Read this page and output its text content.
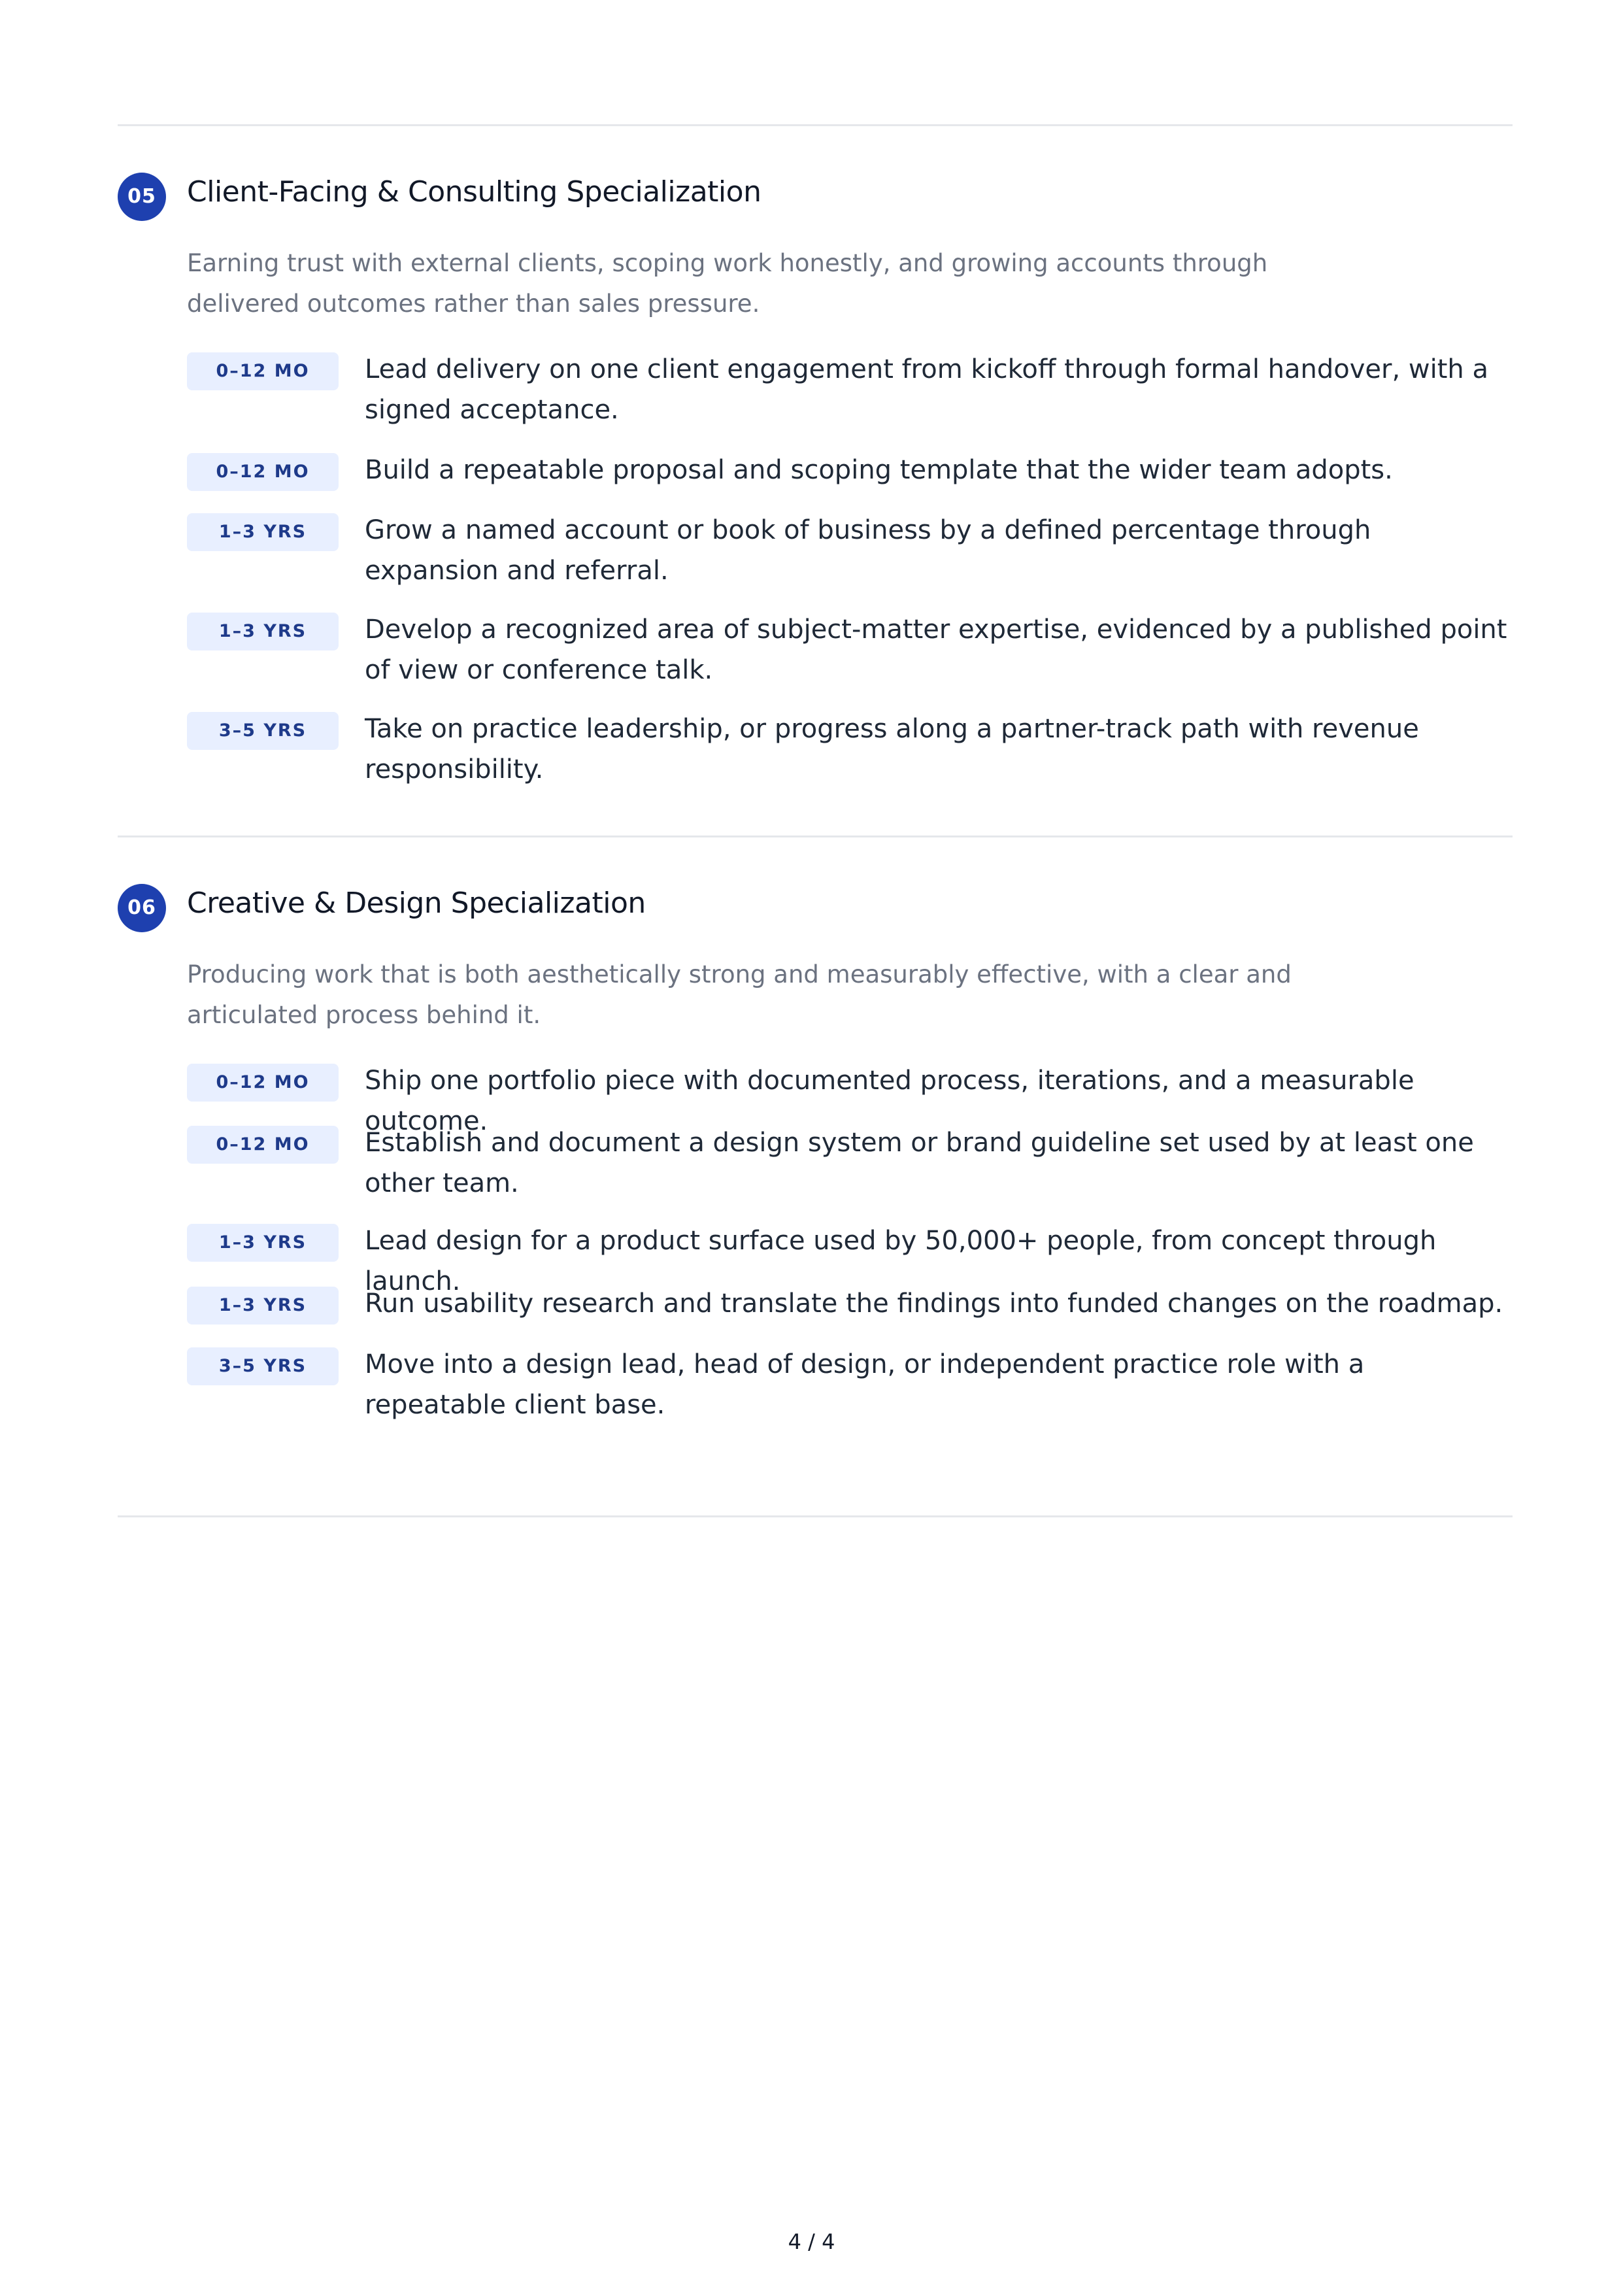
05	Client-Facing & Consulting Specialization
Earning trust with external clients, scoping work honestly, and growing accounts through delivered outcomes rather than sales pressure.
0–12 MO	Lead delivery on one client engagement from kickoff through formal handover, with a signed acceptance.
0–12 MO	Build a repeatable proposal and scoping template that the wider team adopts.
1–3 YRS	Grow a named account or book of business by a defined percentage through expansion and referral.
1–3 YRS	Develop a recognized area of subject-matter expertise, evidenced by a published point of view or conference talk.
3–5 YRS	Take on practice leadership, or progress along a partner-track path with revenue responsibility.
06	Creative & Design Specialization
Producing work that is both aesthetically strong and measurably effective, with a clear and articulated process behind it.
0–12 MO	Ship one portfolio piece with documented process, iterations, and a measurable outcome.
0–12 MO	Establish and document a design system or brand guideline set used by at least one other team.
1–3 YRS	Lead design for a product surface used by 50,000+ people, from concept through launch.
1–3 YRS	Run usability research and translate the findings into funded changes on the roadmap.
3–5 YRS	Move into a design lead, head of design, or independent practice role with a repeatable client base.
4 / 4
